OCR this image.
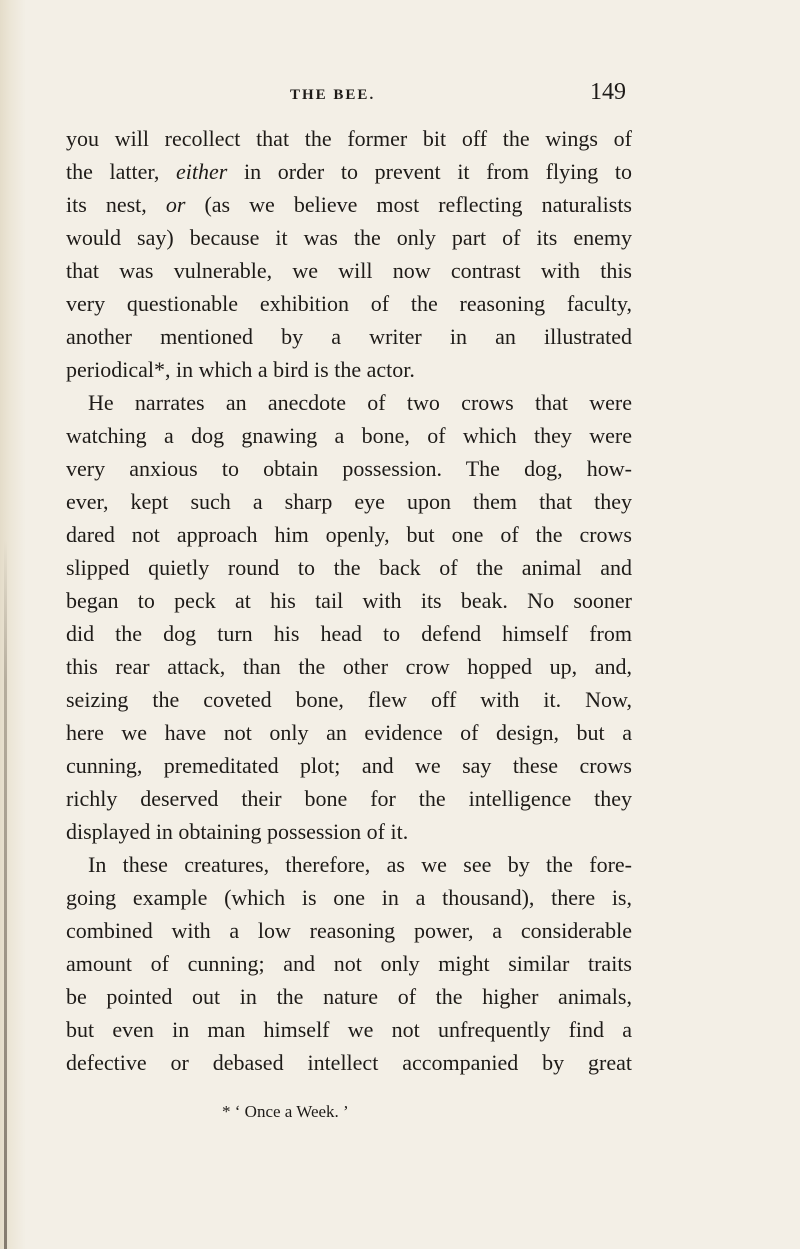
THE BEE.	149
you will recollect that the former bit off the wings of
the latter, either in order to prevent it from flying to
its nest, or (as we believe most reflecting naturalists
would say) because it was the only part of its enemy
that was vulnerable, we will now contrast with this
very questionable exhibition of the reasoning faculty,
another mentioned by a writer in an illustrated
periodical*, in which a bird is the actor.
He narrates an anecdote of two crows that were
watching a dog gnawing a bone, of which they were
very anxious to obtain possession. The dog, how-
ever, kept such a sharp eye upon them that they
dared not approach him openly, but one of the crows
slipped quietly round to the back of the animal and
began to peck at his tail with its beak. No sooner
did the dog turn his head to defend himself from
this rear attack, than the other crow hopped up, and,
seizing the coveted bone, flew off with it. Now,
here we have not only an evidence of design, but a
cunning, premeditated plot; and we say these crows
richly deserved their bone for the intelligence they
displayed in obtaining possession of it.
In these creatures, therefore, as we see by the fore-
going example (which is one in a thousand), there is,
combined with a low reasoning power, a considerable
amount of cunning; and not only might similar traits
be pointed out in the nature of the higher animals,
but even in man himself we not unfrequently find a
defective or debased intellect accompanied by great
* ‘ Once a Week. ’
